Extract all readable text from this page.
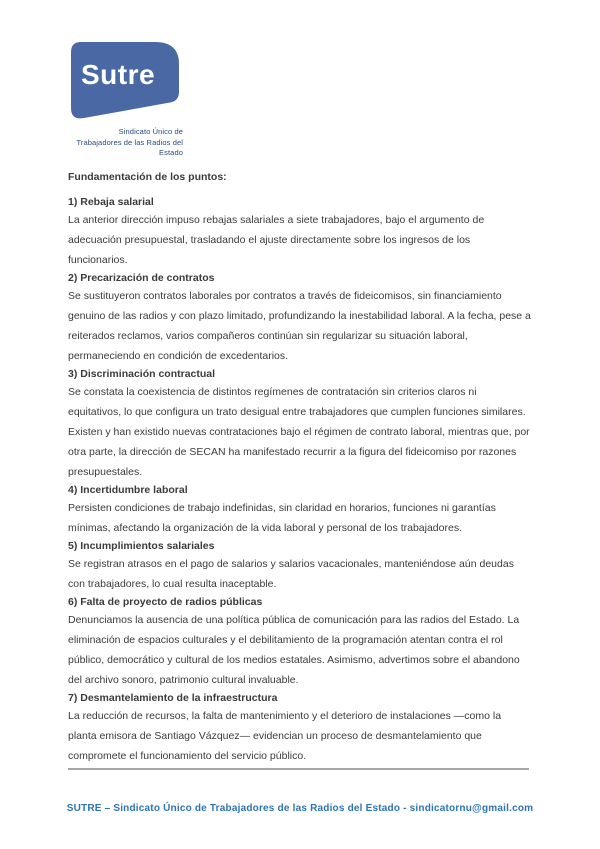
Sutre
Sindicato Único de
Trabajadores de las Radios del
Estado

Fundamentación de los puntos:

1) Rebaja salarial

La anterior dirección impuso rebajas salariales a siete trabajadores, bajo el argumento de adecuación presupuestal, trasladando el ajuste directamente sobre los ingresos de los funcionarios.

2) Precarización de contratos

Se sustituyeron contratos laborales por contratos a través de fideicomisos, sin financiamiento genuino de las radios y con plazo limitado, profundizando la inestabilidad laboral. A la fecha, pese a reiterados reclamos, varios compañeros continúan sin regularizar su situación laboral, permaneciendo en condición de excedentarios.

3) Discriminación contractual

Se constata la coexistencia de distintos regímenes de contratación sin criterios claros ni equitativos, lo que configura un trato desigual entre trabajadores que cumplen funciones similares. Existen y han existido nuevas contrataciones bajo el régimen de contrato laboral, mientras que, por otra parte, la dirección de SECAN ha manifestado recurrir a la figura del fideicomiso por razones presupuestales.

4) Incertidumbre laboral

Persisten condiciones de trabajo indefinidas, sin claridad en horarios, funciones ni garantías mínimas, afectando la organización de la vida laboral y personal de los trabajadores.

5) Incumplimientos salariales

Se registran atrasos en el pago de salarios y salarios vacacionales, manteniéndose aún deudas con trabajadores, lo cual resulta inaceptable.

6) Falta de proyecto de radios públicas

Denunciamos la ausencia de una política pública de comunicación para las radios del Estado. La eliminación de espacios culturales y el debilitamiento de la programación atentan contra el rol público, democrático y cultural de los medios estatales. Asimismo, advertimos sobre el abandono del archivo sonoro, patrimonio cultural invaluable.

7) Desmantelamiento de la infraestructura

La reducción de recursos, la falta de mantenimiento y el deterioro de instalaciones —como la planta emisora de Santiago Vázquez— evidencian un proceso de desmantelamiento que compromete el funcionamiento del servicio público.

SUTRE – Sindicato Único de Trabajadores de las Radios del Estado - sindicatornu@gmail.com
